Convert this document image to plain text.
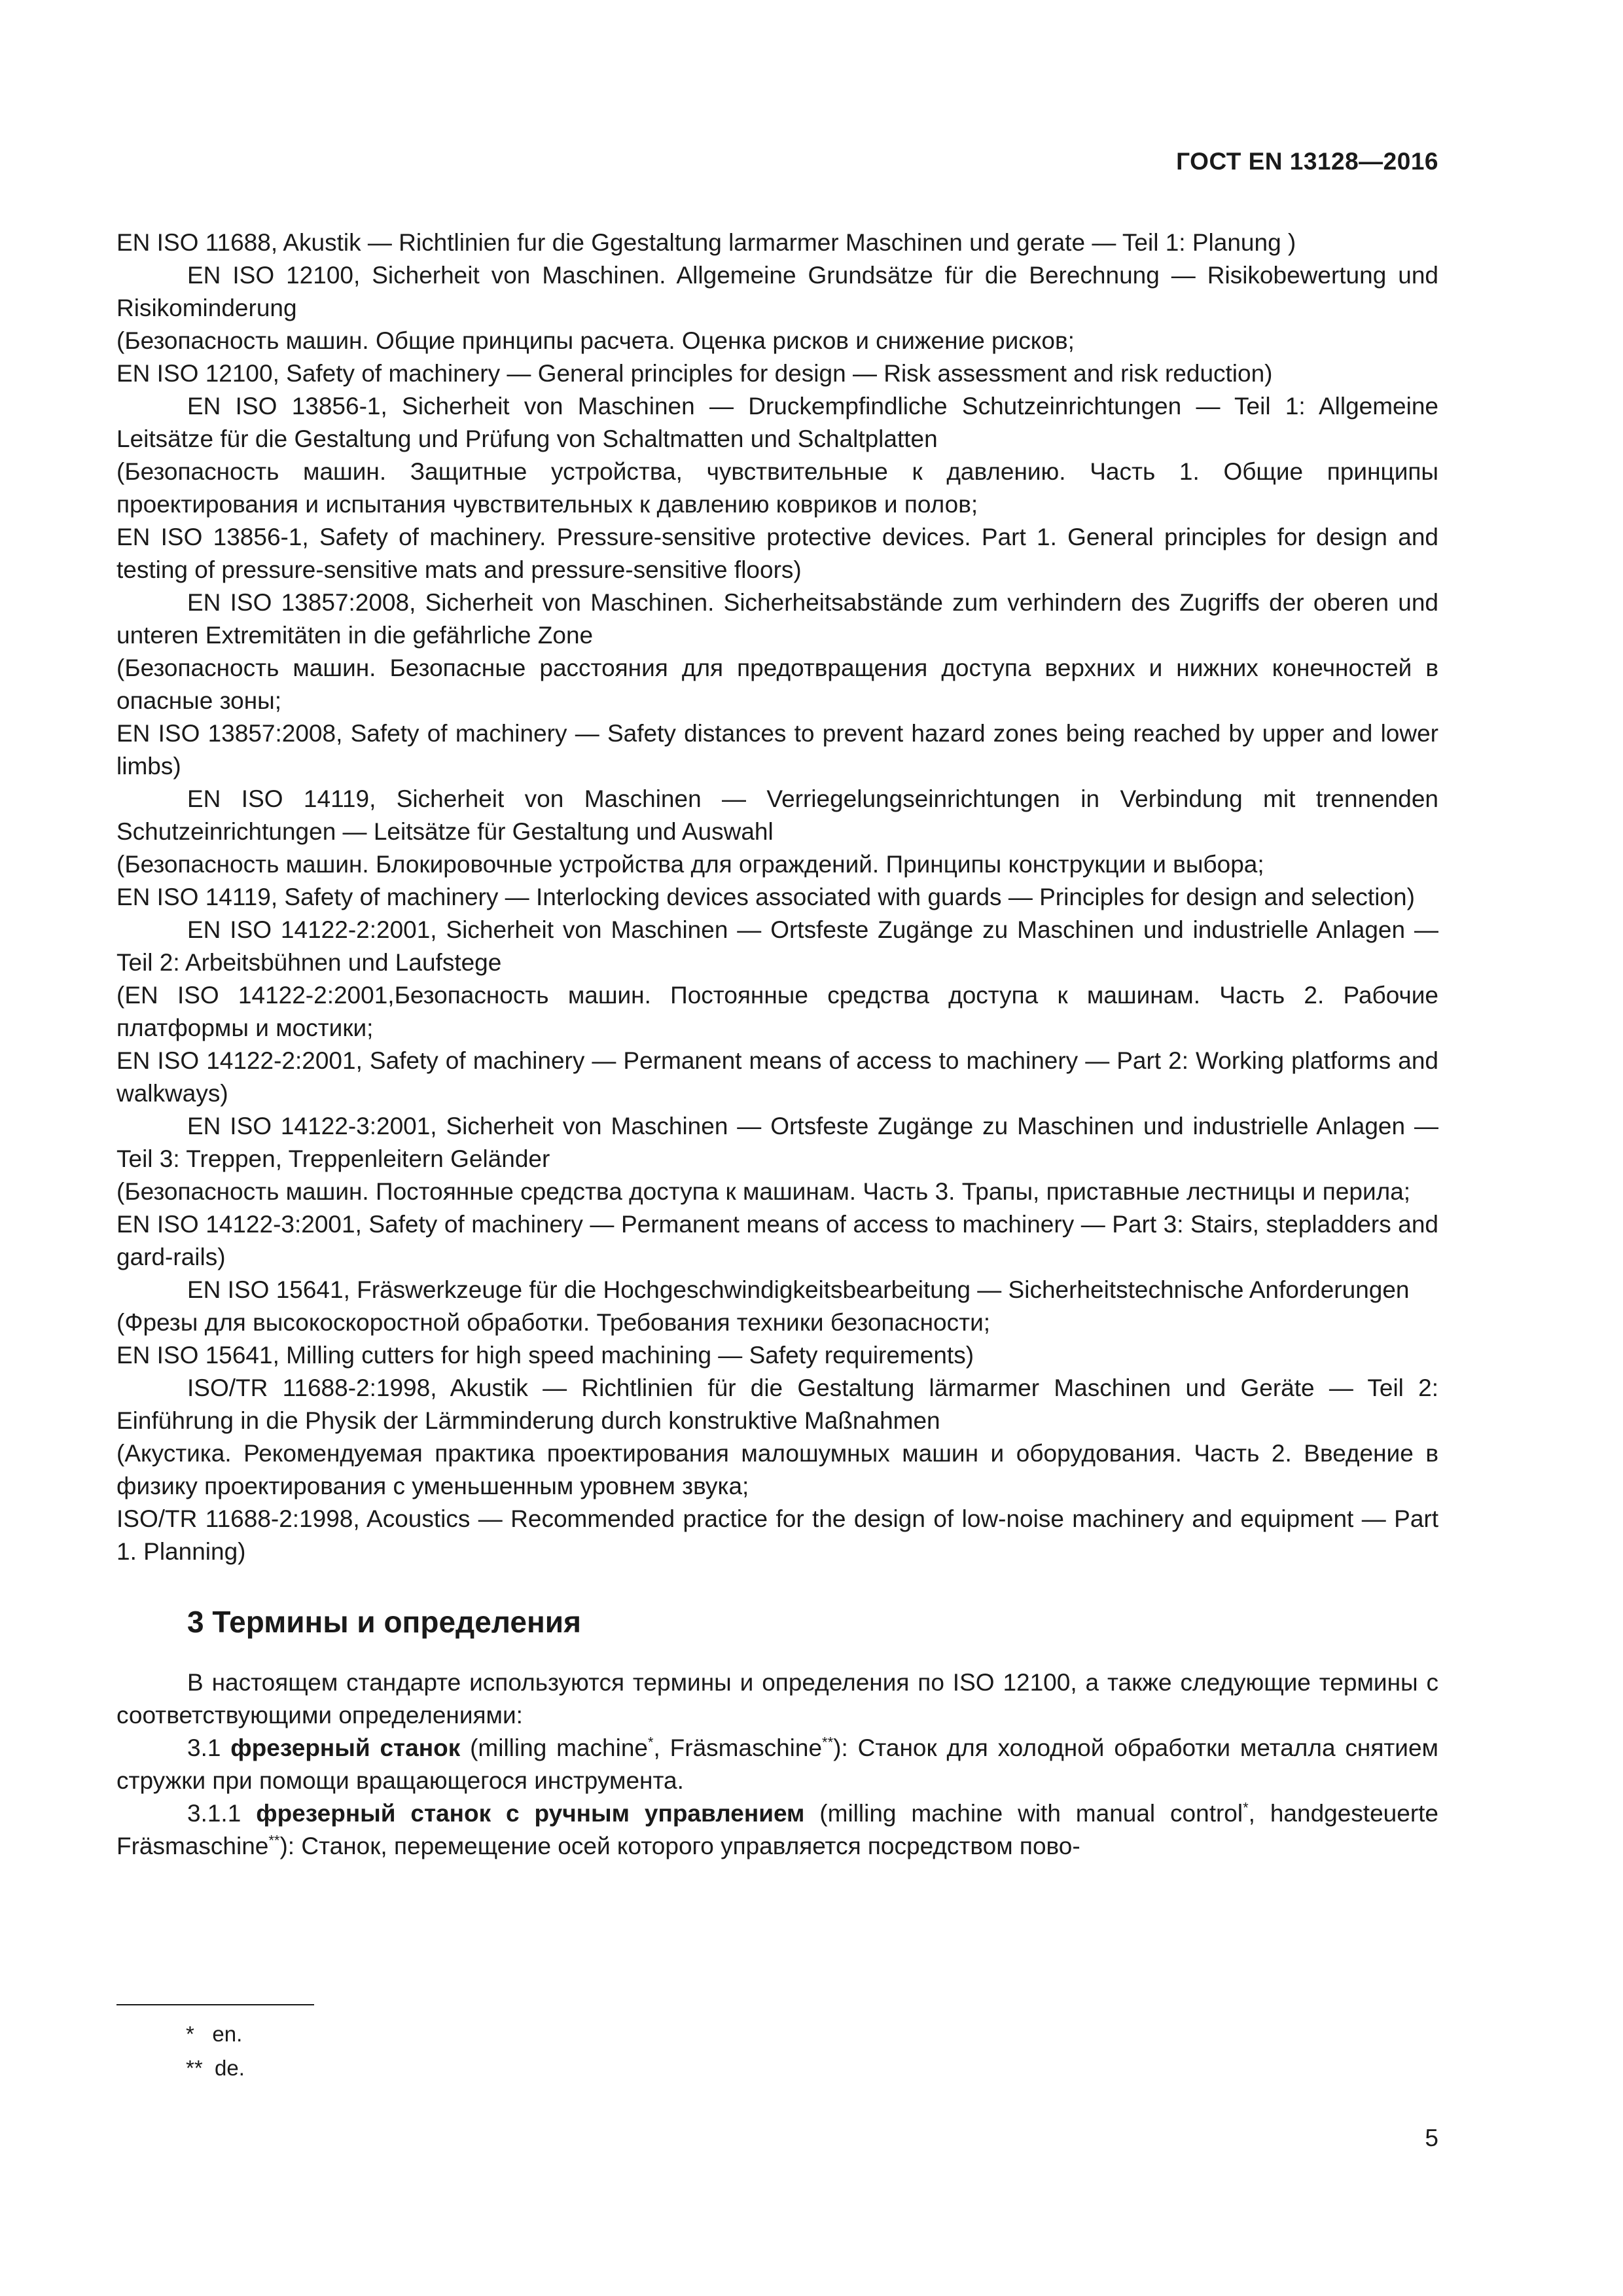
ГОСТ EN 13128—2016

EN ISO 11688, Akustik — Richtlinien fur die Ggestaltung larmarmer Maschinen und gerate — Teil 1: Planung )

EN ISO 12100, Sicherheit von Maschinen. Allgemeine Grundsätze für die Berechnung — Risikobewertung und Risikominderung

(Безопасность машин. Общие принципы расчета. Оценка рисков и снижение рисков;

EN ISO 12100, Safety of machinery — General principles for design — Risk assessment and risk reduction)

EN ISO 13856-1, Sicherheit von Maschinen — Druckempfindliche Schutzeinrichtungen — Teil 1: Allgemeine Leitsätze für die Gestaltung und Prüfung von Schaltmatten und Schaltplatten

(Безопасность машин. Защитные устройства, чувствительные к давлению. Часть 1. Общие принципы проектирования и испытания чувствительных к давлению ковриков и полов;

EN ISO 13856-1, Safety of machinery. Pressure-sensitive protective devices. Part 1. General principles for design and testing of pressure-sensitive mats and pressure-sensitive floors)

EN ISO 13857:2008, Sicherheit von Maschinen. Sicherheitsabstände zum verhindern des Zugriffs der oberen und unteren Extremitäten in die gefährliche Zone

(Безопасность машин. Безопасные расстояния для предотвращения доступа верхних и нижних конечностей в опасные зоны;

EN ISO 13857:2008, Safety of machinery — Safety distances to prevent hazard zones being reached by upper and lower limbs)

EN ISO 14119, Sicherheit von Maschinen — Verriegelungseinrichtungen in Verbindung mit trennenden Schutzeinrichtungen — Leitsätze für Gestaltung und Auswahl

(Безопасность машин. Блокировочные устройства для ограждений. Принципы конструкции и выбора;

EN ISO 14119, Safety of machinery — Interlocking devices associated with guards — Principles for design and selection)

EN ISO 14122-2:2001, Sicherheit von Maschinen — Ortsfeste Zugänge zu Maschinen und industrielle Anlagen — Teil 2: Arbeitsbühnen und Laufstege

(EN ISO 14122-2:2001,Безопасность машин. Постоянные средства доступа к машинам. Часть 2. Рабочие платформы и мостики;

EN ISO 14122-2:2001, Safety of machinery — Permanent means of access to machinery — Part 2: Working platforms and walkways)

EN ISO 14122-3:2001, Sicherheit von Maschinen — Ortsfeste Zugänge zu Maschinen und industrielle Anlagen — Teil 3: Treppen, Treppenleitern Geländer

(Безопасность машин. Постоянные средства доступа к машинам. Часть 3. Трапы, приставные лестницы и перила;

EN ISO 14122-3:2001, Safety of machinery — Permanent means of access to machinery — Part 3: Stairs, stepladders and gard-rails)

EN ISO 15641, Fräswerkzeuge für die Hochgeschwindigkeitsbearbeitung — Sicherheitstechnische Anforderungen

(Фрезы для высокоскоростной обработки. Требования техники безопасности;

EN ISO 15641, Milling cutters for high speed machining — Safety requirements)

ISO/TR 11688-2:1998, Akustik — Richtlinien für die Gestaltung lärmarmer Maschinen und Geräte — Teil 2: Einführung in die Physik der Lärmminderung durch konstruktive Maßnahmen

(Акустика. Рекомендуемая практика проектирования малошумных машин и оборудования. Часть 2. Введение в физику проектирования с уменьшенным уровнем звука;

ISO/TR 11688-2:1998, Acoustics — Recommended practice for the design of low-noise machinery and equipment — Part 1. Planning)

3 Термины и определения

В настоящем стандарте используются термины и определения по ISO 12100, а также следующие термины с соответствующими определениями:

3.1 фрезерный станок (milling machine*, Fräsmaschine**): Станок для холодной обработки металла снятием стружки при помощи вращающегося инструмента.

3.1.1 фрезерный станок с ручным управлением (milling machine with manual control*, handgesteuerte Fräsmaschine**): Станок, перемещение осей которого управляется посредством пово-

* en.
** de.
5
